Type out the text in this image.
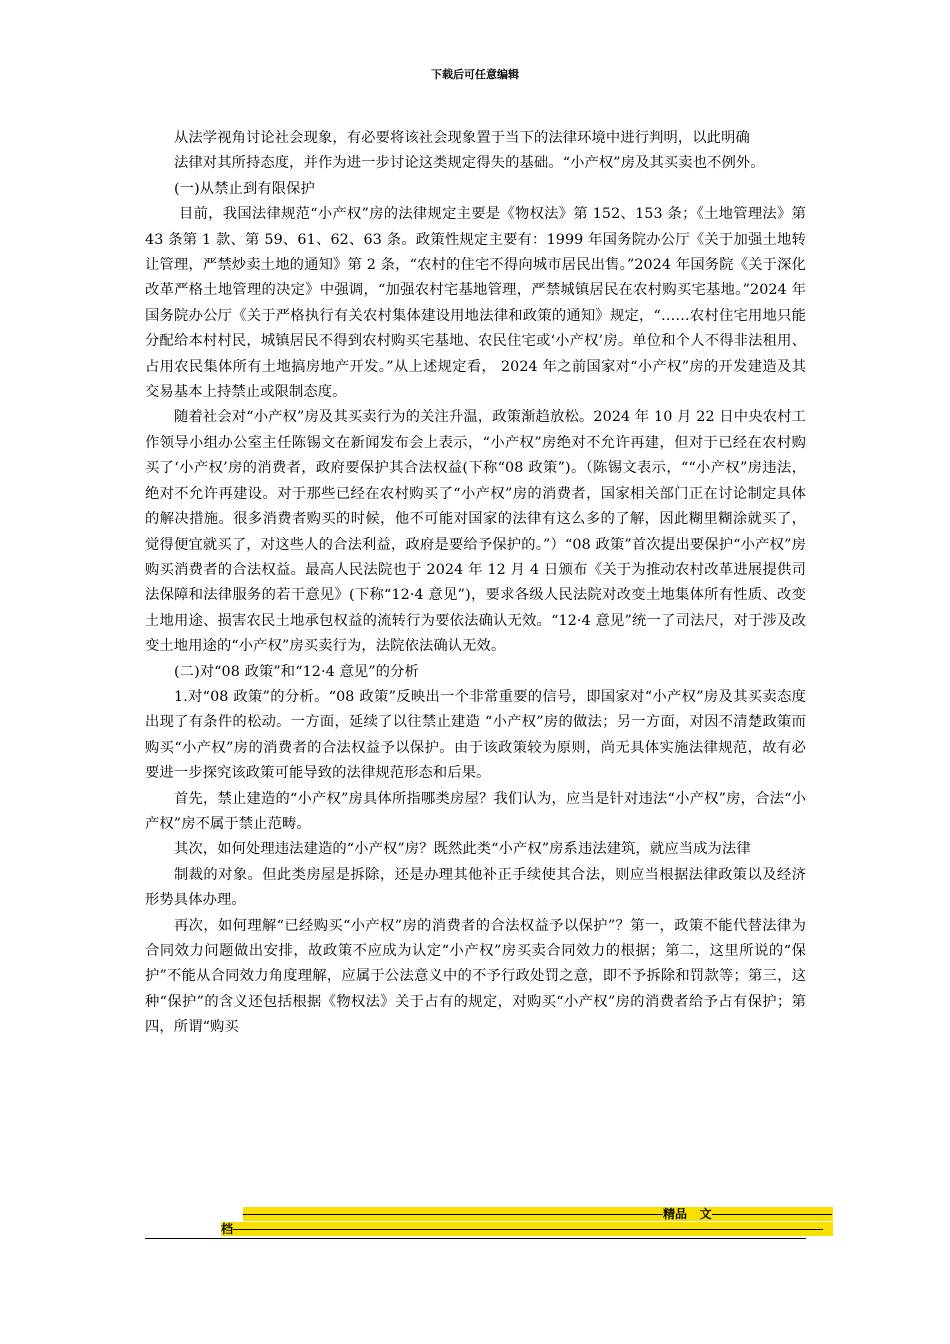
下载后可任意编辑

从法学视角讨论社会现象，有必要将该社会现象置于当下的法律环境中进行判明，以此明确

法律对其所持态度，并作为进一步讨论这类规定得失的基础。“小产权”房及其买卖也不例外。

(一)从禁止到有限保护

目前，我国法律规范“小产权”房的法律规定主要是《物权法》第 152、153 条；《土地管理法》第 43 条第 1 款、第 59、61、62、63 条。政策性规定主要有：1999 年国务院办公厅《关于加强土地转让管理，严禁炒卖土地的通知》第 2 条，“农村的住宅不得向城市居民出售。”2024 年国务院《关于深化改革严格土地管理的决定》中强调，“加强农村宅基地管理，严禁城镇居民在农村购买宅基地。”2024 年国务院办公厅《关于严格执行有关农村集体建设用地法律和政策的通知》规定，“……农村住宅用地只能分配给本村村民，城镇居民不得到农村购买宅基地、农民住宅或‘小产权’房。单位和个人不得非法租用、占用农民集体所有土地搞房地产开发。”从上述规定看， 2024 年之前国家对“小产权”房的开发建造及其交易基本上持禁止或限制态度。

随着社会对“小产权”房及其买卖行为的关注升温，政策渐趋放松。2024 年 10 月 22 日中央农村工作领导小组办公室主任陈锡文在新闻发布会上表示，“小产权”房绝对不允许再建，但对于已经在农村购买了‘小产权’房的消费者，政府要保护其合法权益(下称“08 政策”)。（陈锡文表示，““小产权”房违法，绝对不允许再建设。对于那些已经在农村购买了“小产权”房的消费者，国家相关部门正在讨论制定具体的解决措施。很多消费者购买的时候，他不可能对国家的法律有这么多的了解，因此糊里糊涂就买了，觉得便宜就买了，对这些人的合法利益，政府是要给予保护的。”）“08 政策”首次提出要保护“小产权”房购买消费者的合法权益。最高人民法院也于 2024 年 12 月 4 日颁布《关于为推动农村改革进展提供司法保障和法律服务的若干意见》(下称“12·4 意见”)，要求各级人民法院对改变土地集体所有性质、改变土地用途、损害农民土地承包权益的流转行为要依法确认无效。“12·4 意见”统一了司法尺，对于涉及改变土地用途的“小产权”房买卖行为，法院依法确认无效。

(二)对“08 政策”和“12·4 意见”的分析

1.对“08 政策”的分析。“08 政策”反映出一个非常重要的信号，即国家对“小产权”房及其买卖态度出现了有条件的松动。一方面，延续了以往禁止建造 “小产权”房的做法；另一方面，对因不清楚政策而购买“小产权”房的消费者的合法权益予以保护。由于该政策较为原则，尚无具体实施法律规范，故有必要进一步探究该政策可能导致的法律规范形态和后果。

首先，禁止建造的“小产权”房具体所指哪类房屋？我们认为，应当是针对违法“小产权”房，合法“小产权”房不属于禁止范畴。

其次，如何处理违法建造的“小产权”房？既然此类“小产权”房系违法建筑，就应当成为法律

制裁的对象。但此类房屋是拆除，还是办理其他补正手续使其合法，则应当根据法律政策以及经济形势具体办理。

再次，如何理解“已经购买“小产权”房的消费者的合法权益予以保护”？第一，政策不能代替法律为合同效力问题做出安排，故政策不应成为认定“小产权”房买卖合同效力的根据；第二，这里所说的“保护”不能从合同效力角度理解，应属于公法意义中的不予行政处罚之意，即不予拆除和罚款等；第三，这种“保护”的含义还包括根据《物权法》关于占有的规定，对购买“小产权”房的消费者给予占有保护；第四，所谓“购买

精品 文
档
